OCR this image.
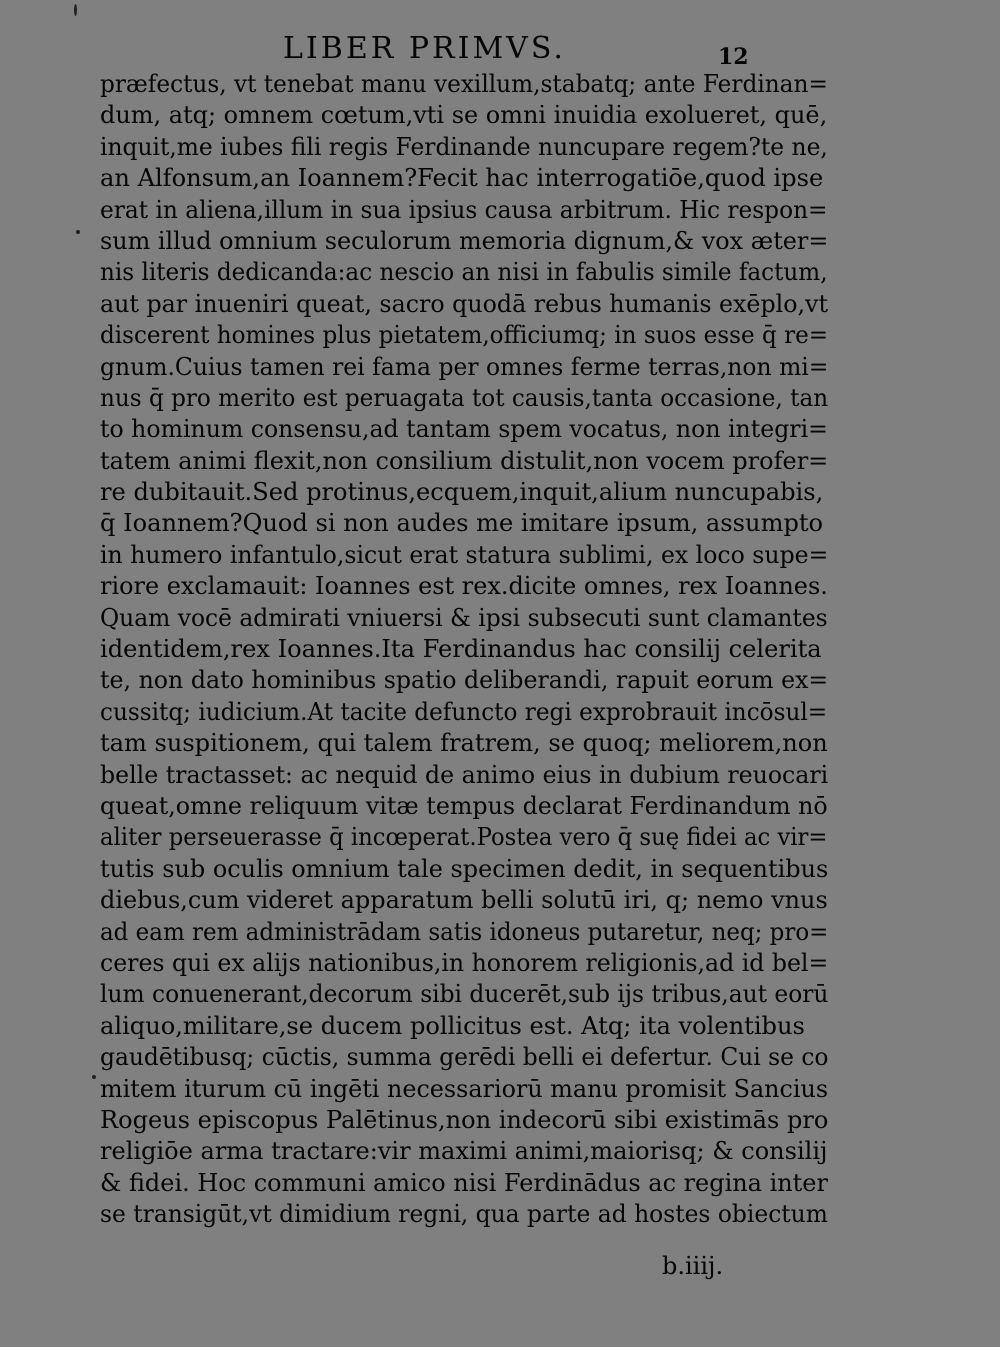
LIBER PRIMVS.	12
præfectus, vt tenebat manu vexillum,stabatq; ante Ferdinan=
dum, atq; omnem cœtum,vti se omni inuidia exolueret, quē,
inquit,me iubes fili regis Ferdinande nuncupare regem?te ne,
an Alfonsum,an Ioannem?Fecit hac interrogatiōe,quod ipse
erat in aliena,illum in sua ipsius causa arbitrum. Hic respon=
sum illud omnium seculorum memoria dignum,& vox æter=
nis literis dedicanda:ac nescio an nisi in fabulis simile factum,
aut par inueniri queat, sacro quodā rebus humanis exēplo,vt
discerent homines plus pietatem,officiumq; in suos esse q̄ re=
gnum.Cuius tamen rei fama per omnes ferme terras,non mi=
nus q̄ pro merito est peruagata tot causis,tanta occasione, tan
to hominum consensu,ad tantam spem vocatus, non integri=
tatem animi flexit,non consilium distulit,non vocem profer=
re dubitauit.Sed protinus,ecquem,inquit,alium nuncupabis,
q̄ Ioannem?Quod si non audes me imitare ipsum, assumpto
in humero infantulo,sicut erat statura sublimi, ex loco supe=
riore exclamauit: Ioannes est rex.dicite omnes, rex Ioannes.
Quam vocē admirati vniuersi & ipsi subsecuti sunt clamantes
identidem,rex Ioannes.Ita Ferdinandus hac consilij celerita
te, non dato hominibus spatio deliberandi, rapuit eorum ex=
cussitq; iudicium.At tacite defuncto regi exprobrauit incōsul=
tam suspitionem, qui talem fratrem, se quoq; meliorem,non
belle tractasset: ac nequid de animo eius in dubium reuocari
queat,omne reliquum vitæ tempus declarat Ferdinandum nō
aliter perseuerasse q̄ incœperat.Postea vero q̄ suę fidei ac vir=
tutis sub oculis omnium tale specimen dedit, in sequentibus
diebus,cum videret apparatum belli solutū iri, q; nemo vnus
ad eam rem administrādam satis idoneus putaretur, neq; pro=
ceres qui ex alijs nationibus,in honorem religionis,ad id bel=
lum conuenerant,decorum sibi ducerēt,sub ijs tribus,aut eorū
aliquo,militare,se ducem pollicitus est. Atq; ita volentibus
gaudētibusq; cūctis, summa gerēdi belli ei defertur. Cui se co
mitem iturum cū ingēti necessariorū manu promisit Sancius
Rogeus episcopus Palētinus,non indecorū sibi existimās pro
religiōe arma tractare:vir maximi animi,maiorisq; & consilij
& fidei. Hoc communi amico nisi Ferdinādus ac regina inter
se transigūt,vt dimidium regni, qua parte ad hostes obiectum
b.iiij.
